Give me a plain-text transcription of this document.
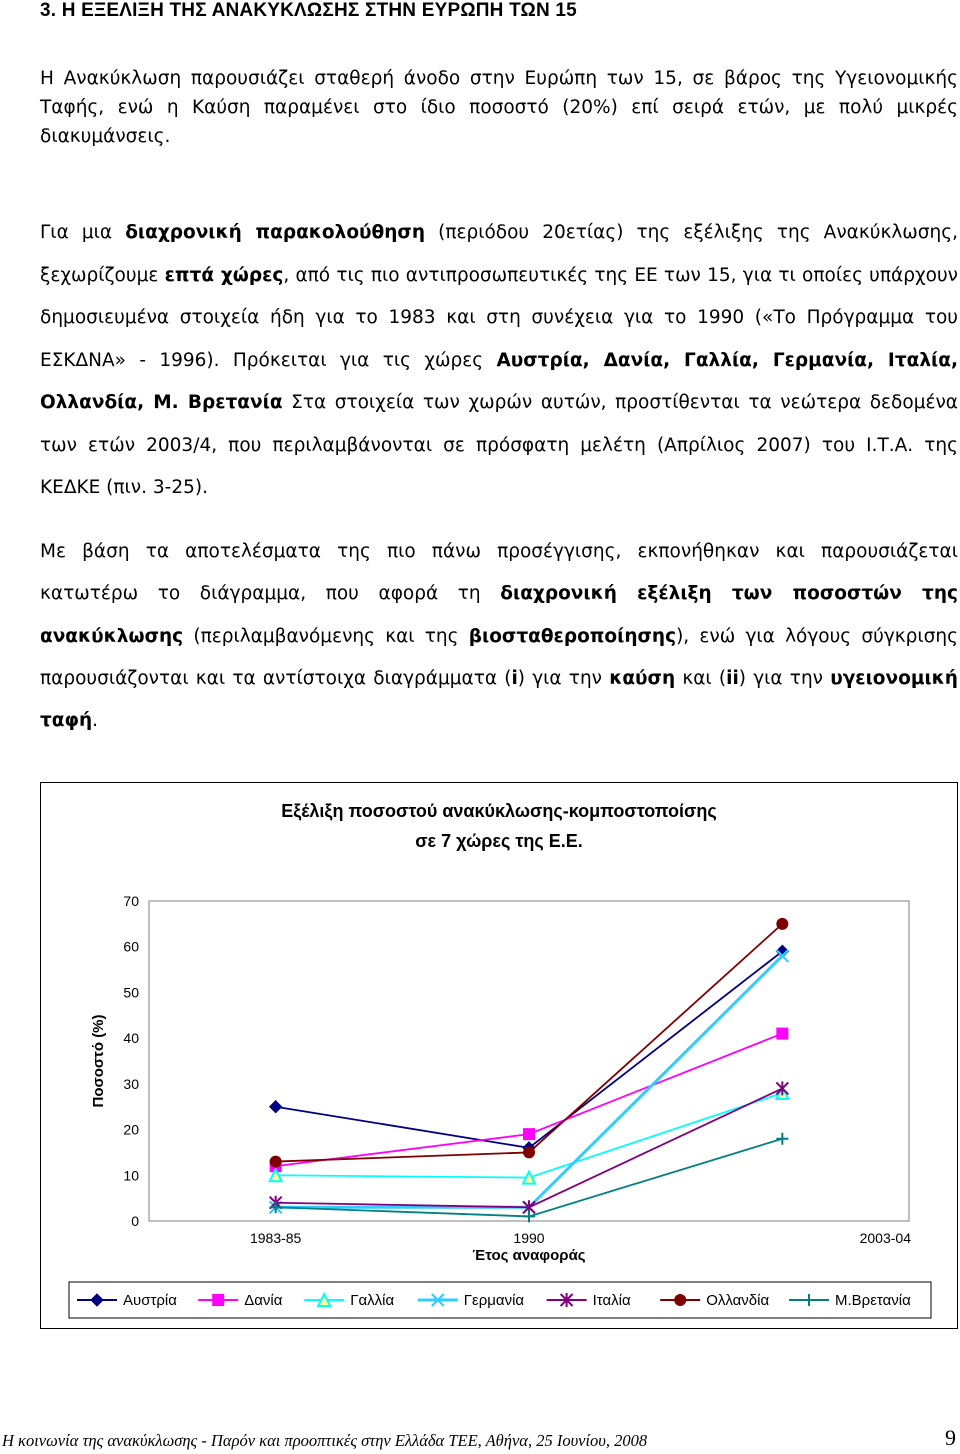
3. Η ΕΞΕΛΙΞΗ ΤΗΣ ΑΝΑΚΥΚΛΩΣΗΣ ΣΤΗΝ ΕΥΡΩΠΗ ΤΩΝ 15
Η Ανακύκλωση παρουσιάζει σταθερή άνοδο στην Ευρώπη των 15, σε βάρος της Υγειονομικής Ταφής, ενώ η Καύση παραμένει στο ίδιο ποσοστό (20%) επί σειρά ετών, με πολύ μικρές διακυμάνσεις.
Για μια διαχρονική παρακολούθηση (περιόδου 20ετίας) της εξέλιξης της Ανακύκλωσης, ξεχωρίζουμε επτά χώρες, από τις πιο αντιπροσωπευτικές της ΕΕ των 15, για τι οποίες υπάρχουν δημοσιευμένα στοιχεία ήδη για το 1983 και στη συνέχεια για το 1990 («Το Πρόγραμμα του ΕΣΚΔΝΑ» - 1996). Πρόκειται για τις χώρες Αυστρία, Δανία, Γαλλία, Γερμανία, Ιταλία, Ολλανδία, Μ. Βρετανία Στα στοιχεία των χωρών αυτών, προστίθενται τα νεώτερα δεδομένα των ετών 2003/4, που περιλαμβάνονται σε πρόσφατη μελέτη (Απρίλιος 2007) του Ι.Τ.Α. της ΚΕΔΚΕ (πιν. 3-25).
Με βάση τα αποτελέσματα της πιο πάνω προσέγγισης, εκπονήθηκαν και παρουσιάζεται κατωτέρω το διάγραμμα, που αφορά τη διαχρονική εξέλιξη των ποσοστών της ανακύκλωσης (περιλαμβανόμενης και της βιοσταθεροποίησης), ενώ για λόγους σύγκρισης παρουσιάζονται και τα αντίστοιχα διαγράμματα (i) για την καύση και (ii) για την υγειονομική ταφή.
Εξέλιξη ποσοστού ανακύκλωσης-κομποστοποίσης
σε 7 χώρες της Ε.Ε.
0
10
20
30
40
50
60
70
1983-85	1990	2003-04
Έτος αναφοράς
Ποσοστό (%)
Αυστρία	Δανία	Γαλλία	Γερμανία	Ιταλία	Ολλανδία	Μ.Βρετανία
Η κοινωνία της ανακύκλωσης - Παρόν και προοπτικές στην Ελλάδα ΤΕΕ, Αθήνα, 25 Ιουνίου, 2008	9
